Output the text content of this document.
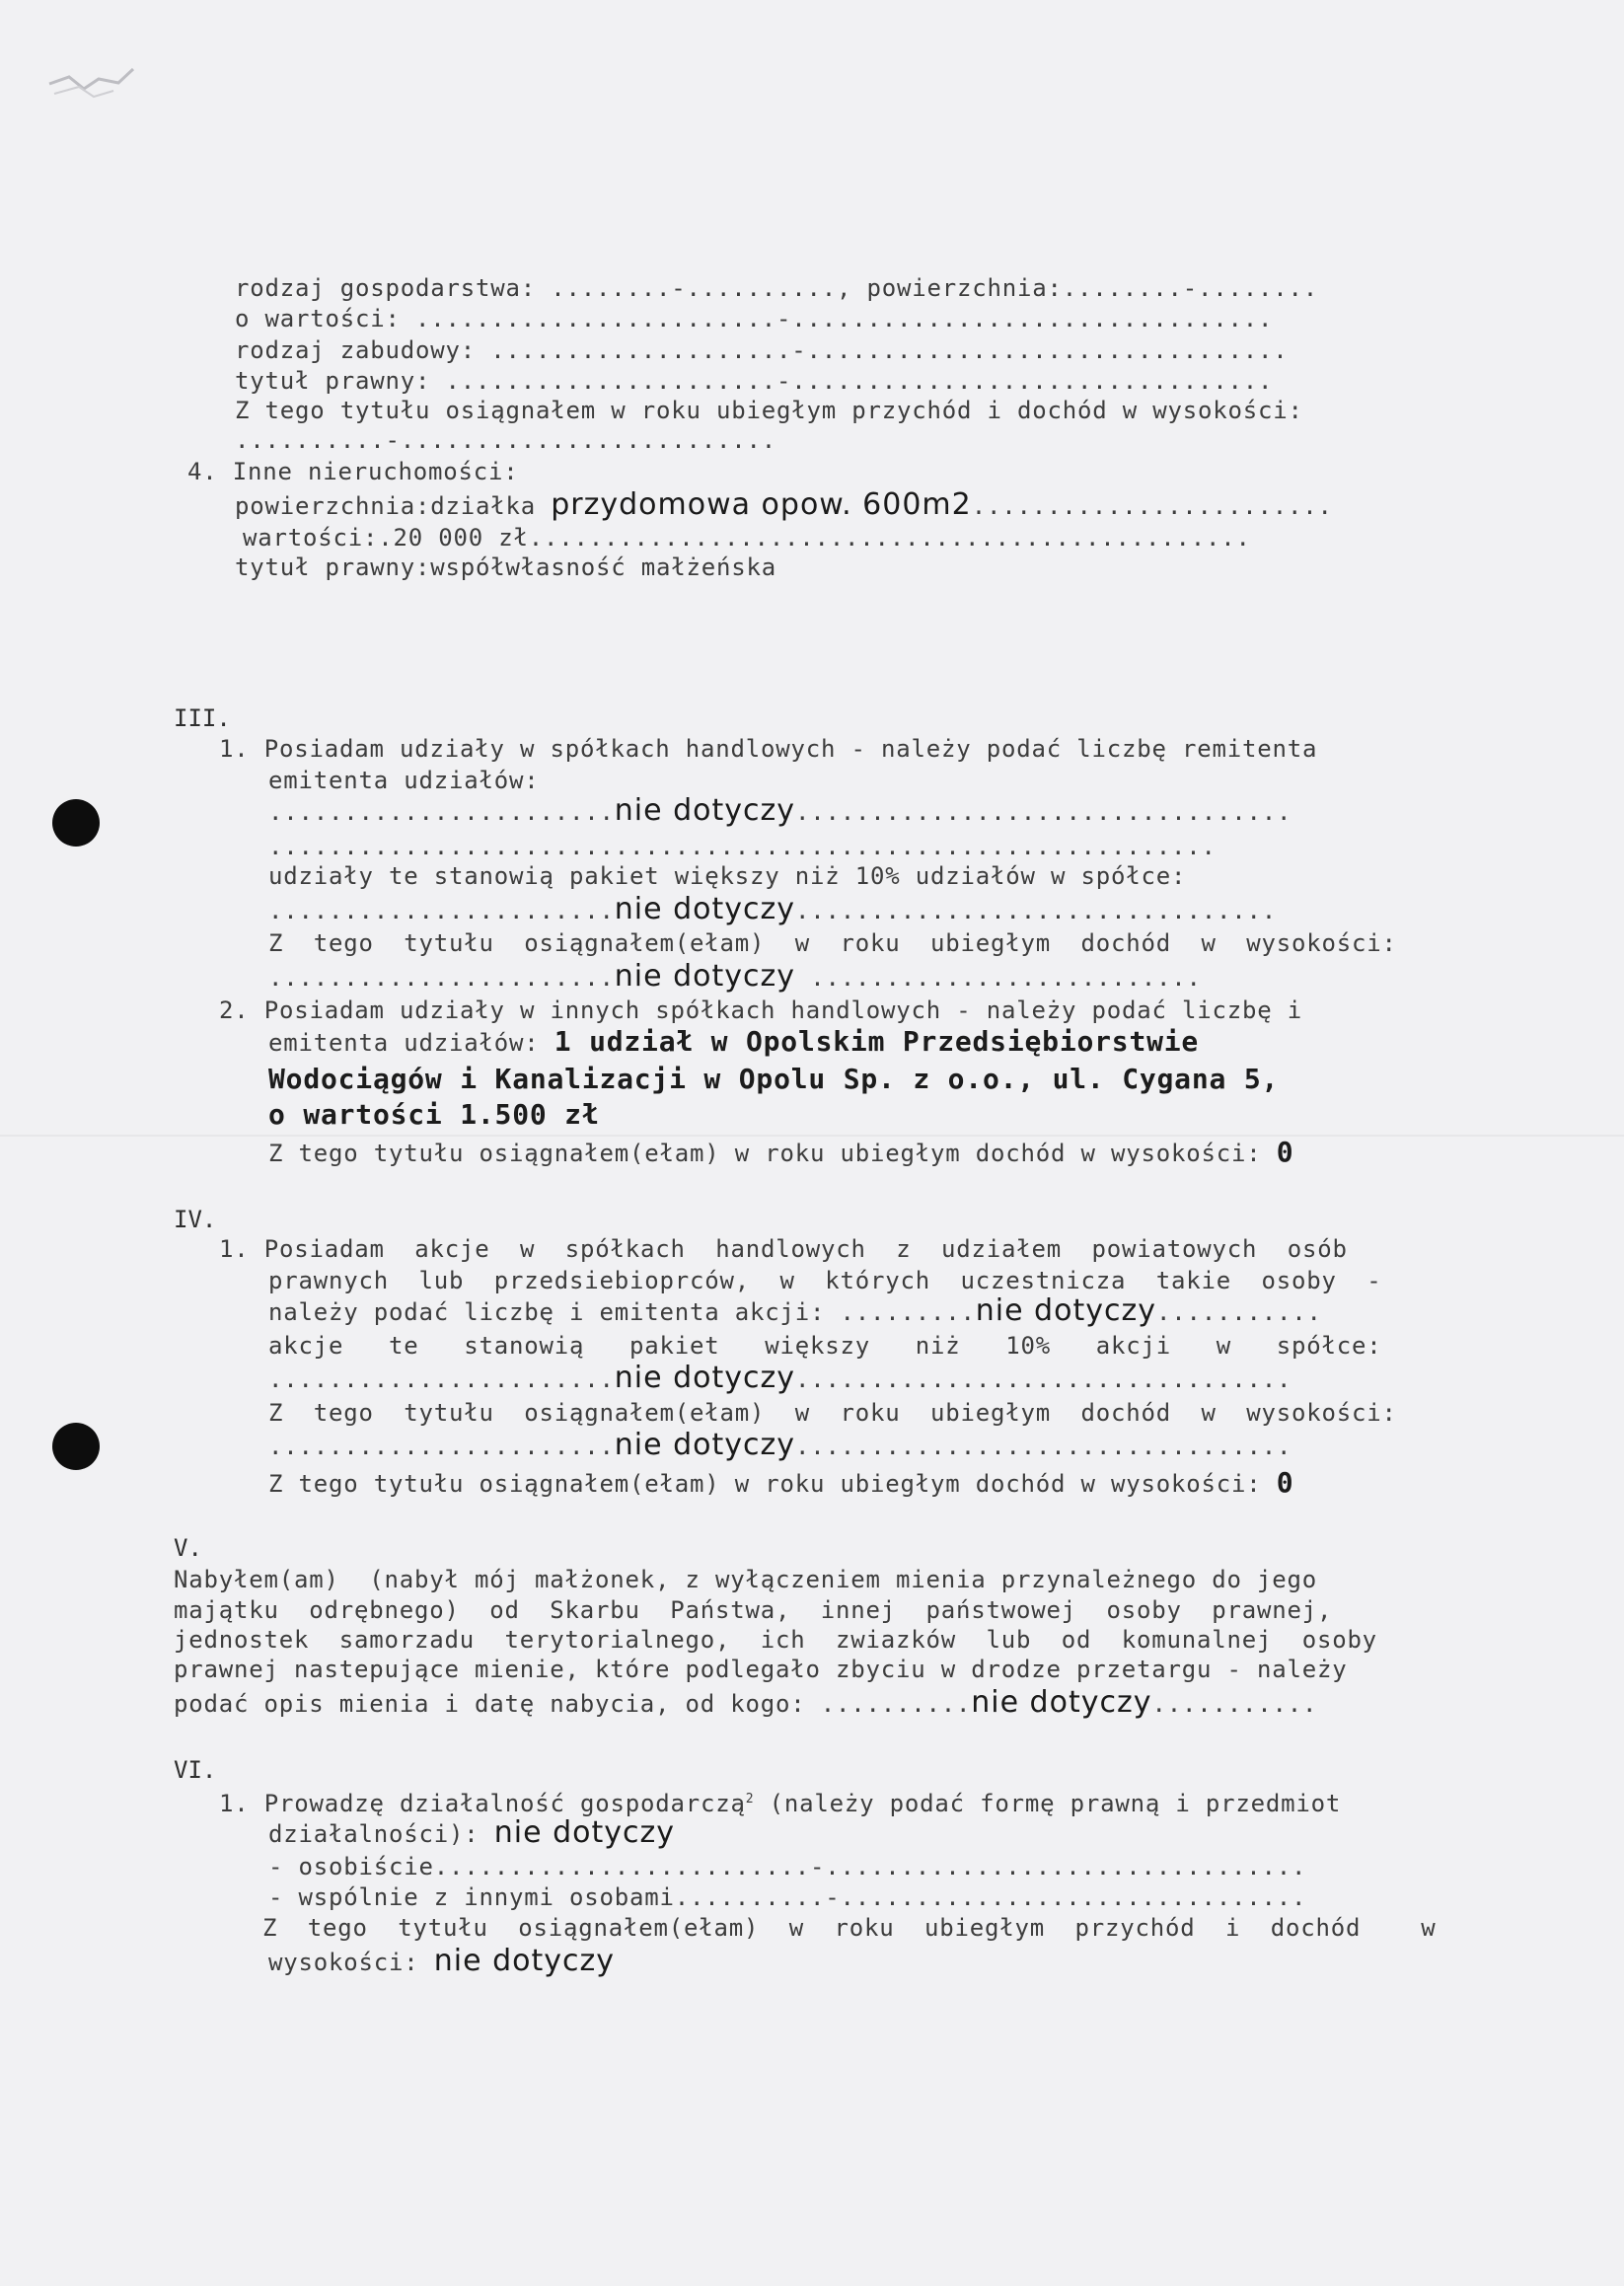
rodzaj gospodarstwa: ........-.........., powierzchnia:........-........
o wartości: ........................-................................
rodzaj zabudowy: ....................-................................
tytuł prawny: ......................-................................
Z tego tytułu osiągnałem w roku ubiegłym przychód i dochód w wysokości:
..........-.........................
4. Inne nieruchomości:
powierzchnia:działka przydomowa opow. 600m2........................
wartości:.20 000 zł................................................
tytuł prawny:współwłasność małżeńska
III.
1. Posiadam udziały w spółkach handlowych - należy podać liczbę remitenta
emitenta udziałów:
.......................nie dotyczy.................................
...............................................................
udziały te stanowią pakiet większy niż 10% udziałów w spółce:
.......................nie dotyczy................................
Z  tego  tytułu  osiągnałem(ełam)  w  roku  ubiegłym  dochód  w  wysokości:
.......................nie dotyczy ..........................
2. Posiadam udziały w innych spółkach handlowych - należy podać liczbę i
emitenta udziałów: 1 udział w Opolskim Przedsiębiorstwie
Wodociągów i Kanalizacji w Opolu Sp. z o.o., ul. Cygana 5,
o wartości 1.500 zł
Z tego tytułu osiągnałem(ełam) w roku ubiegłym dochód w wysokości: 0
IV.
1. Posiadam  akcje  w  spółkach  handlowych  z  udziałem  powiatowych  osób
prawnych  lub  przedsiebioprców,  w  których  uczestnicza  takie  osoby  -
należy podać liczbę i emitenta akcji: .........nie dotyczy...........
akcje   te   stanowią   pakiet   większy   niż   10%   akcji   w   spółce:
.......................nie dotyczy.................................
Z  tego  tytułu  osiągnałem(ełam)  w  roku  ubiegłym  dochód  w  wysokości:
.......................nie dotyczy.................................
Z tego tytułu osiągnałem(ełam) w roku ubiegłym dochód w wysokości: 0
V.
Nabyłem(am)  (nabył mój małżonek, z wyłączeniem mienia przynależnego do jego
majątku  odrębnego)  od  Skarbu  Państwa,  innej  państwowej  osoby  prawnej,
jednostek  samorzadu  terytorialnego,  ich  zwiazków  lub  od  komunalnej  osoby
prawnej nastepujące mienie, które podlegało zbyciu w drodze przetargu - należy
podać opis mienia i datę nabycia, od kogo: ..........nie dotyczy...........
VI.
1. Prowadzę działalność gospodarczą$^2$ (należy podać formę prawną i przedmiot
działalności): nie dotyczy
- osobiście.........................-................................
- wspólnie z innymi osobami..........-...............................
Z  tego  tytułu  osiągnałem(ełam)  w  roku  ubiegłym  przychód  i  dochód    w
wysokości: nie dotyczy
